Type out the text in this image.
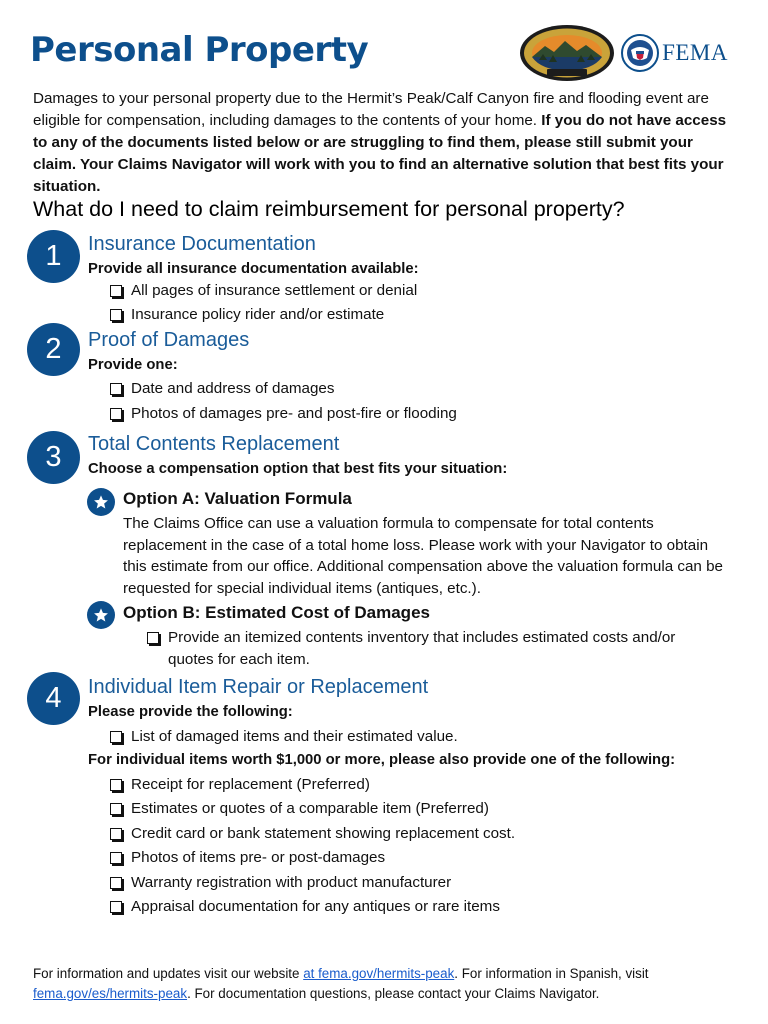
Personal Property	FEMA

Damages to your personal property due to the Hermit’s Peak/Calf Canyon fire and flooding event are eligible for compensation, including damages to the contents of your home. If you do not have access to any of the documents listed below or are struggling to find them, please still submit your claim. Your Claims Navigator will work with you to find an alternative solution that best fits your situation.

What do I need to claim reimbursement for personal property?
1	Insurance Documentation

Provide all insurance documentation available:

All pages of insurance settlement or denial
Insurance policy rider and/or estimate
2	Proof of Damages

Provide one:

Date and address of damages
Photos of damages pre- and post-fire or flooding
3	Total Contents Replacement

Choose a compensation option that best fits your situation:

Option A: Valuation Formula

The Claims Office can use a valuation formula to compensate for total contents replacement in the case of a total home loss. Please work with your Navigator to obtain this estimate from our office. Additional compensation above the valuation formula can be requested for special individual items (antiques, etc.).

Option B: Estimated Cost of Damages
Provide an itemized contents inventory that includes estimated costs and/or quotes for each item.
4	Individual Item Repair or Replacement

Please provide the following:

List of damaged items and their estimated value.

For individual items worth $1,000 or more, please also provide one of the following:

Receipt for replacement (Preferred)
Estimates or quotes of a comparable item (Preferred)
Credit card or bank statement showing replacement cost.
Photos of items pre- or post-damages
Warranty registration with product manufacturer
Appraisal documentation for any antiques or rare items

For information and updates visit our website at fema.gov/hermits-peak. For information in Spanish, visit fema.gov/es/hermits-peak. For documentation questions, please contact your Claims Navigator.
